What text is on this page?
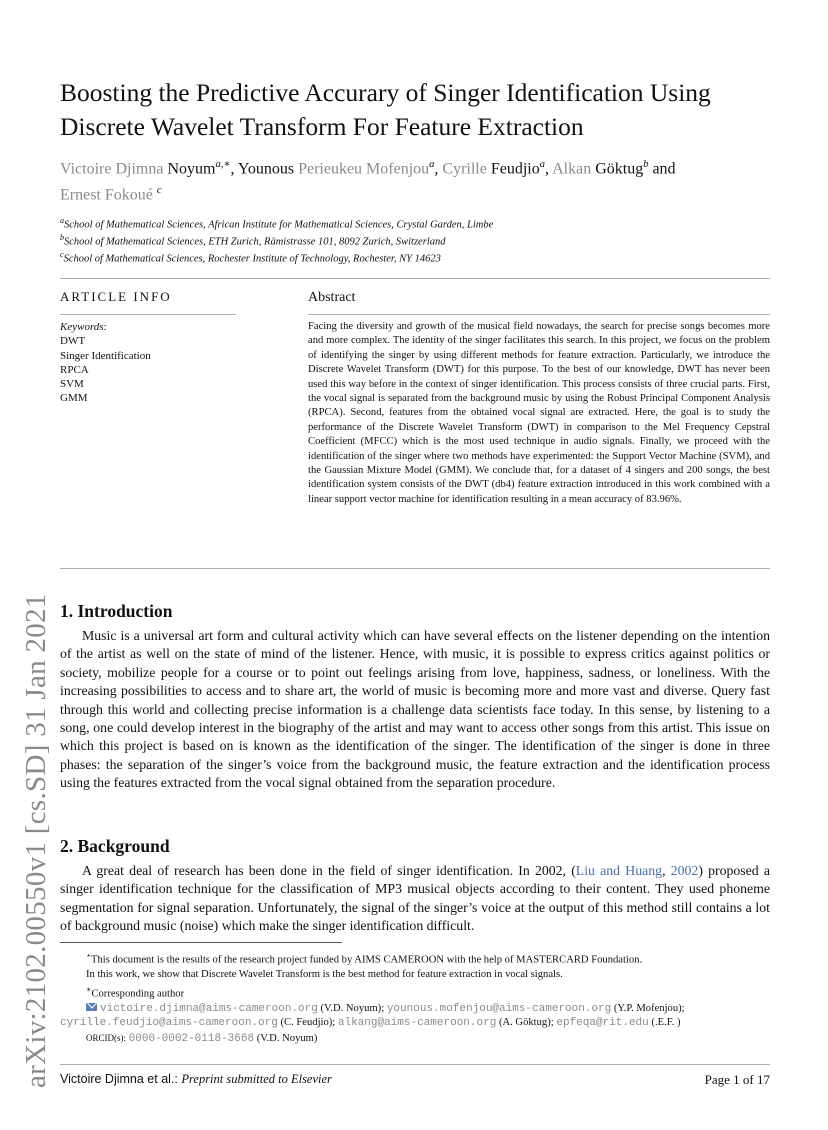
arXiv:2102.00550v1 [cs.SD] 31 Jan 2021
Boosting the Predictive Accurary of Singer Identification Using
Discrete Wavelet Transform For Feature Extraction
Victoire Djimna Noyum$^{a,∗}$, Younous Perieukeu Mofenjou$^a$, Cyrille Feudjio$^a$, Alkan Göktug$^b$ and
Ernest Fokoué $^c$
$^a$School of Mathematical Sciences, African Institute for Mathematical Sciences, Crystal Garden, Limbe
$^b$School of Mathematical Sciences, ETH Zurich, Rämistrasse 101, 8092 Zurich, Switzerland
$^c$School of Mathematical Sciences, Rochester Institute of Technology, Rochester, NY 14623
ARTICLE INFO
Keywords:
DWT
Singer Identification
RPCA
SVM
GMM
Abstract
Facing the diversity and growth of the musical field nowadays, the search for precise songs becomes more and more complex. The identity of the singer facilitates this search. In this project, we focus on the problem of identifying the singer by using different methods for feature extraction. Particularly, we introduce the Discrete Wavelet Transform (DWT) for this purpose. To the best of our knowledge, DWT has never been used this way before in the context of singer identification. This process consists of three crucial parts. First, the vocal signal is separated from the background music by using the Robust Principal Component Analysis (RPCA). Second, features from the obtained vocal signal are extracted. Here, the goal is to study the performance of the Discrete Wavelet Transform (DWT) in comparison to the Mel Frequency Cepstral Coefficient (MFCC) which is the most used technique in audio signals. Finally, we proceed with the identification of the singer where two methods have experimented: the Support Vector Machine (SVM), and the Gaussian Mixture Model (GMM). We conclude that, for a dataset of 4 singers and 200 songs, the best identification system consists of the DWT (db4) feature extraction introduced in this work combined with a linear support vector machine for identification resulting in a mean accuracy of 83.96%.
1. Introduction
Music is a universal art form and cultural activity which can have several effects on the listener depending on the intention of the artist as well on the state of mind of the listener. Hence, with music, it is possible to express critics against politics or society, mobilize people for a course or to point out feelings arising from love, happiness, sadness, or loneliness. With the increasing possibilities to access and to share art, the world of music is becoming more and more vast and diverse. Query fast through this world and collecting precise information is a challenge data scientists face today. In this sense, by listening to a song, one could develop interest in the biography of the artist and may want to access other songs from this artist. This issue on which this project is based on is known as the identification of the singer. The identification of the singer is done in three phases: the separation of the singer’s voice from the background music, the feature extraction and the identification process using the features extracted from the vocal signal obtained from the separation procedure.
2. Background
A great deal of research has been done in the field of singer identification. In 2002, (Liu and Huang, 2002) proposed a singer identification technique for the classification of MP3 musical objects according to their content. They used phoneme segmentation for signal separation. Unfortunately, the signal of the singer’s voice at the output of this method still contains a lot of background music (noise) which make the singer identification difficult.
⋆This document is the results of the research project funded by AIMS CAMEROON with the help of MASTERCARD Foundation.
In this work, we show that Discrete Wavelet Transform is the best method for feature extraction in vocal signals.
∗Corresponding author
victoire.djimna@aims-cameroon.org (V.D. Noyum); younous.mofenjou@aims-cameroon.org (Y.P. Mofenjou);
cyrille.feudjio@aims-cameroon.org (C. Feudjio); alkang@aims-cameroon.org (A. Göktug); epfeqa@rit.edu (.E.F. )
ORCID(s): 0000-0002-0118-3668 (V.D. Noyum)
Victoire Djimna et al.: Preprint submitted to Elsevier	Page 1 of 17
